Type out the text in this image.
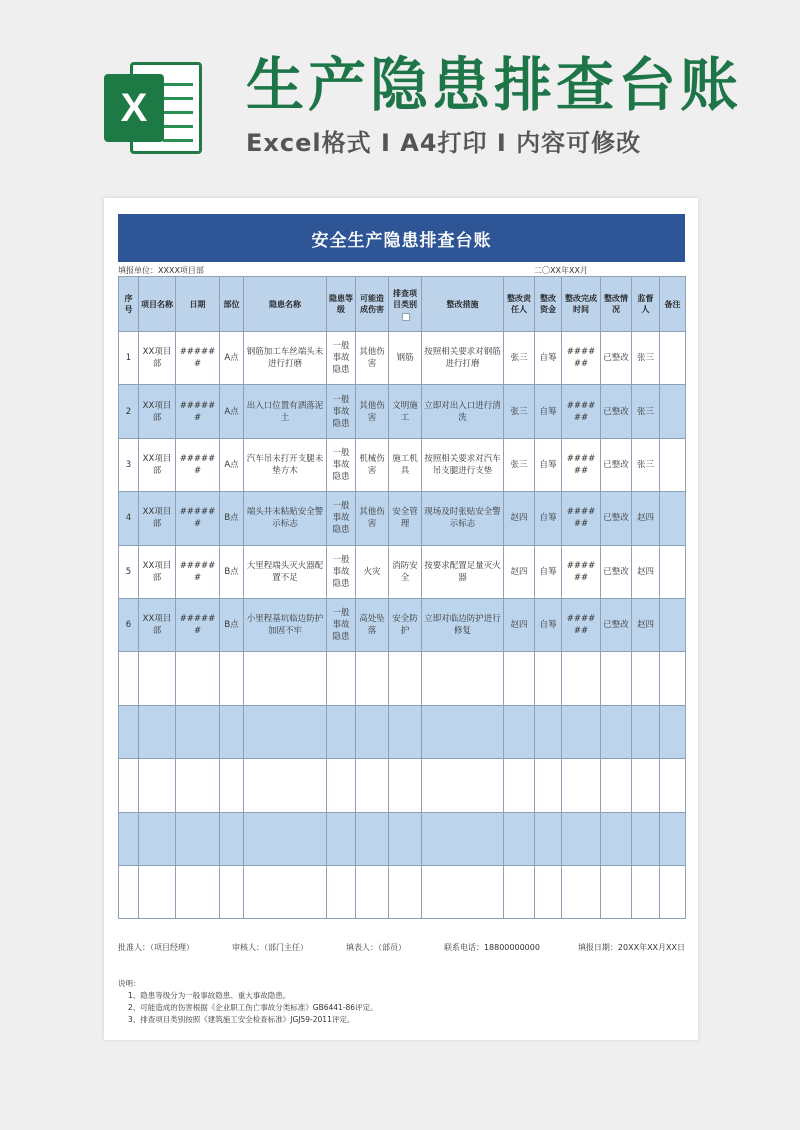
X 生产隐患排查台账
Excel格式 I A4打印 I 内容可修改
安全生产隐患排查台账
填报单位：XXXX项目部	二〇XX年XX月
序号	项目名称	日期	部位	隐患名称	隐患等级	可能造成伤害	排查项目类别	整改措施	整改责任人	整改资金	整改完成时间	整改情况	监督人	备注
1	XX项目部	######	A点	钢筋加工车丝端头未进行打磨	一般事故隐患	其他伤害	钢筋	按照相关要求对钢筋进行打磨	张三	自筹	######	已整改	张三	
2	XX项目部	######	A点	出入口位置有洒落泥土	一般事故隐患	其他伤害	文明施工	立即对出入口进行清洗	张三	自筹	######	已整改	张三	
3	XX项目部	######	A点	汽车吊未打开支腿未垫方木	一般事故隐患	机械伤害	施工机具	按照相关要求对汽车吊支腿进行支垫	张三	自筹	######	已整改	张三	
4	XX项目部	######	B点	端头井未粘贴安全警示标志	一般事故隐患	其他伤害	安全管理	现场及时张贴安全警示标志	赵四	自筹	######	已整改	赵四	
5	XX项目部	######	B点	大里程端头灭火器配置不足	一般事故隐患	火灾	消防安全	按要求配置足量灭火器	赵四	自筹	######	已整改	赵四	
6	XX项目部	######	B点	小里程基坑临边防护加固不牢	一般事故隐患	高处坠落	安全防护	立即对临边防护进行修复	赵四	自筹	######	已整改	赵四	

批准人：（项目经理）	审核人：（部门主任）	填表人：（部员）	联系电话：18800000000	填报日期：20XX年XX月XX日
说明：
1、隐患等级分为一般事故隐患、重大事故隐患。
2、可能造成的伤害根据《企业职工伤亡事故分类标准》GB6441-86评定。
3、排查项目类别按照《建筑施工安全检查标准》JGJ59-2011评定。
